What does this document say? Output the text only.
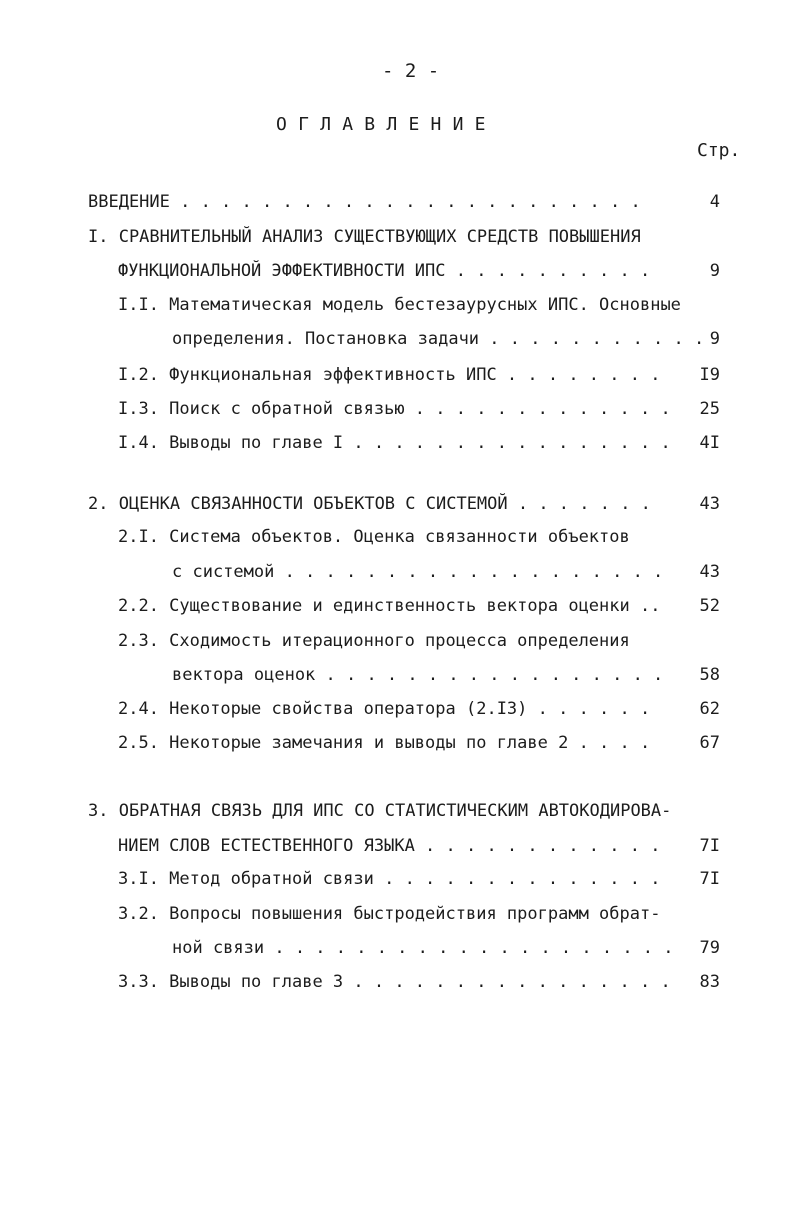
- 2 -
О Г Л А В Л Е Н И Е
Стр.
ВВЕДЕНИЕ . . . . . . . . . . . . . . . . . . . . . . .	4
I. СРАВНИТЕЛЬНЫЙ АНАЛИЗ СУЩЕСТВУЮЩИХ СРЕДСТВ ПОВЫШЕНИЯ
ФУНКЦИОНАЛЬНОЙ ЭФФЕКТИВНОСТИ ИПС . . . . . . . . . .	9
I.I. Математическая модель бестезаурусных ИПС. Основные
определения. Постановка задачи . . . . . . . . . . . 9
I.2. Функциональная эффективность ИПС . . . . . . . .	I9
I.3. Поиск с обратной связью . . . . . . . . . . . . .	25
I.4. Выводы по главе I . . . . . . . . . . . . . . . .	4I
2. ОЦЕНКА СВЯЗАННОСТИ ОБЪЕКТОВ С СИСТЕМОЙ . . . . . . .	43
2.I. Система объектов. Оценка связанности объектов
с системой . . . . . . . . . . . . . . . . . . .	43
2.2. Существование и единственность вектора оценки ..	52
2.3. Сходимость итерационного процесса определения
вектора оценок . . . . . . . . . . . . . . . . .	58
2.4. Некоторые свойства оператора (2.I3) . . . . . .	62
2.5. Некоторые замечания и выводы по главе 2 . . . .	67
3. ОБРАТНАЯ СВЯЗЬ ДЛЯ ИПС СО СТАТИСТИЧЕСКИМ АВТОКОДИРОВА-
НИЕМ СЛОВ ЕСТЕСТВЕННОГО ЯЗЫКА . . . . . . . . . . . .	7I
3.I. Метод обратной связи . . . . . . . . . . . . . .	7I
3.2. Вопросы повышения быстродействия программ обрат-
ной связи . . . . . . . . . . . . . . . . . . . .	79
3.3. Выводы по главе 3 . . . . . . . . . . . . . . . .	83
